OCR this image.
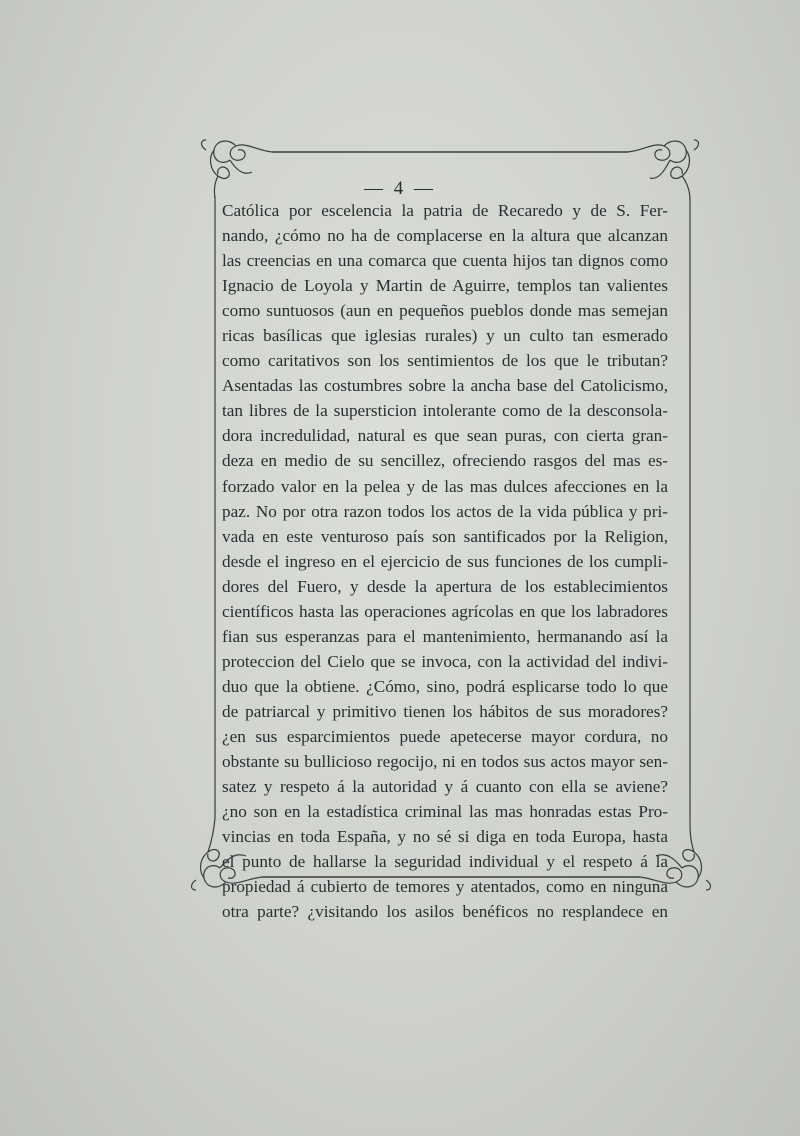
— 4 —
Católica por escelencia la patria de Recaredo y de S. Fer-
nando, ¿cómo no ha de complacerse en la altura que alcanzan
las creencias en una comarca que cuenta hijos tan dignos como
Ignacio de Loyola y Martin de Aguirre, templos tan valientes
como suntuosos (aun en pequeños pueblos donde mas semejan
ricas basílicas que iglesias rurales) y un culto tan esmerado
como caritativos son los sentimientos de los que le tributan?
Asentadas las costumbres sobre la ancha base del Catolicismo,
tan libres de la supersticion intolerante como de la desconsola-
dora incredulidad, natural es que sean puras, con cierta gran-
deza en medio de su sencillez, ofreciendo rasgos del mas es-
forzado valor en la pelea y de las mas dulces afecciones en la
paz. No por otra razon todos los actos de la vida pública y pri-
vada en este venturoso país son santificados por la Religion,
desde el ingreso en el ejercicio de sus funciones de los cumpli-
dores del Fuero, y desde la apertura de los establecimientos
científicos hasta las operaciones agrícolas en que los labradores
fian sus esperanzas para el mantenimiento, hermanando así la
proteccion del Cielo que se invoca, con la actividad del indivi-
duo que la obtiene. ¿Cómo, sino, podrá esplicarse todo lo que
de patriarcal y primitivo tienen los hábitos de sus moradores?
¿en sus esparcimientos puede apetecerse mayor cordura, no
obstante su bullicioso regocijo, ni en todos sus actos mayor sen-
satez y respeto á la autoridad y á cuanto con ella se aviene?
¿no son en la estadística criminal las mas honradas estas Pro-
vincias en toda España, y no sé si diga en toda Europa, hasta
el punto de hallarse la seguridad individual y el respeto á la
propiedad á cubierto de temores y atentados, como en ninguna
otra parte? ¿visitando los asilos benéficos no resplandece en
